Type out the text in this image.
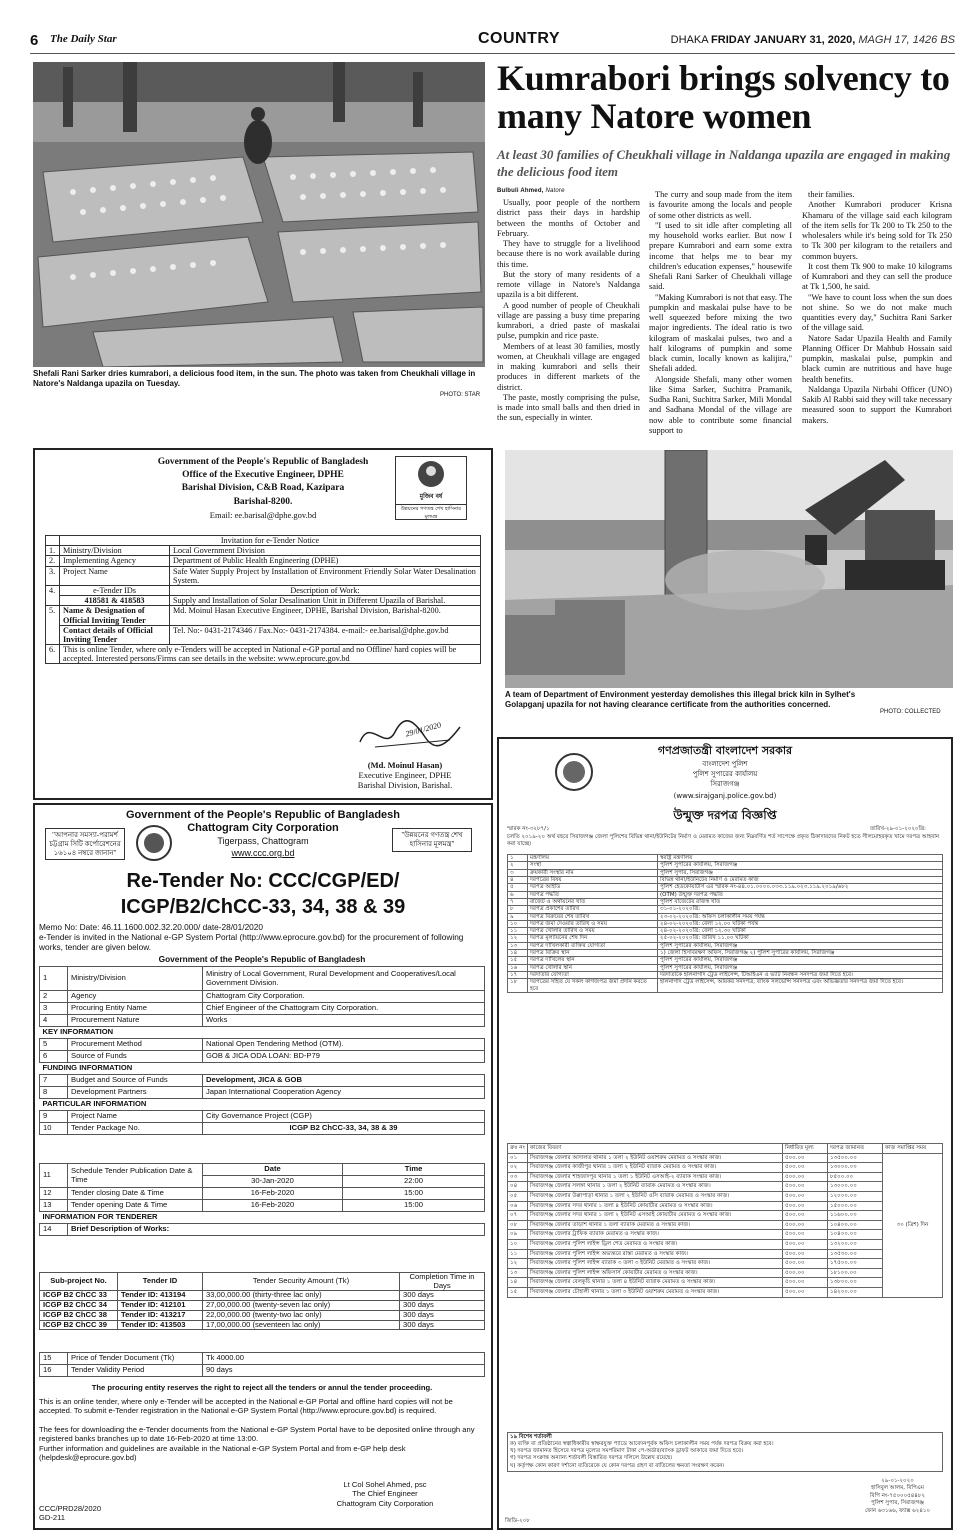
6 The Daily Star	COUNTRY	DHAKA FRIDAY JANUARY 31, 2020, MAGH 17, 1426 BS
Shefali Rani Sarker dries kumrabori, a delicious food item, in the sun. The photo was taken from Cheukhali village in Natore's Naldanga upazila on Tuesday.
PHOTO: STAR
Kumrabori brings solvency to many Natore women
At least 30 families of Cheukhali village in Naldanga upazila are engaged in making the delicious food item
Bulbuli Ahmed, Natore

Usually, poor people of the northern district pass their days in hardship between the months of October and February.

They have to struggle for a livelihood because there is no work available during this time.

But the story of many residents of a remote village in Natore's Naldanga upazila is a bit different.

A good number of people of Cheukhali village are passing a busy time preparing kumrabori, a dried paste of maskalai pulse, pumpkin and rice paste.

Members of at least 30 families, mostly women, at Cheukhali village are engaged in making kumrabori and sells their produces in different markets of the district.

The paste, mostly comprising the pulse, is made into small balls and then dried in the sun, especially in winter.

The curry and soup made from the item is favourite among the locals and people of some other districts as well.

"I used to sit idle after completing all my household works earlier. But now I prepare Kumrabori and earn some extra income that helps me to bear my children's education expenses," housewife Shefali Rani Sarker of Cheukhali village said.

"Making Kumrabori is not that easy. The pumpkin and maskalai pulse have to be well squeezed before mixing the two major ingredients. The ideal ratio is two kilogram of maskalai pulses, two and a half kilograms of pumpkin and some black cumin, locally known as kalijira," Shefali added.

Alongside Shefali, many other women like Sima Sarker, Suchitra Pramanik, Sudha Rani, Suchitra Sarker, Mili Mondal and Sadhana Mondal of the village are now able to contribute some financial support to

their families.

Another Kumrabori producer Krisna Khamaru of the village said each kilogram of the item sells for Tk 200 to Tk 250 to the wholesalers while it's being sold for Tk 250 to Tk 300 per kilogram to the retailers and common buyers.

It cost them Tk 900 to make 10 kilograms of Kumrabori and they can sell the produce at Tk 1,500, he said.

"We have to count loss when the sun does not shine. So we do not make much quantities every day," Suchitra Rani Sarker of the village said.

Natore Sadar Upazila Health and Family Planning Officer Dr Mahbub Hossain said pumpkin, maskalai pulse, pumpkin and black cumin are nutritious and have huge health benefits.

Naldanga Upazila Nirbahi Officer (UNO) Sakib Al Rabbi said they will take necessary measured soon to support the Kumrabori makers.

A team of Department of Environment yesterday demolishes this illegal brick kiln in Sylhet's Golapganj upazila for not having clearance certificate from the authorities concerned.
PHOTO: COLLECTED
Government of the People's Republic of Bangladesh
Office of the Executive Engineer, DPHE
Barishal Division, C&B Road, Kazipara
Barishal-8200.
Email: ee.barisal@dphe.gov.bd
মুজিব বর্ষ
উন্নয়নের গণতন্ত্র শেখ হাসিনার মূলমন্ত্র
	Invitation for e-Tender Notice	
1.	Ministry/Division	Local Government Division
2.	Implementing Agency	Department of Public Health Engineering (DPHE)
3.	Project Name	Safe Water Supply Project by Installation of Environment Friendly Solar Water Desalination System.
4.	e-Tender IDs	Description of Work:
	418581 & 418583	Supply and Installation of Solar Desalination Unit in Different Upazila of Barishal.
5.	Name & Designation of Official Inviting Tender	Md. Moinul Hasan Executive Engineer, DPHE, Barishal Division, Barishal-8200.
	Contact details of Official Inviting Tender	Tel. No:- 0431-2174346 / Fax.No:- 0431-2174384. e-mail:- ee.barisal@dphe.gov.bd
6.	This is online Tender, where only e-Tenders will be accepted in National e-GP portal and no Offline/ hard copies will be accepted. Interested persons/Firms can see details in the website: www.eprocure.gov.bd	
29/01/2020
(Md. Moinul Hasan)
Executive Engineer, DPHE
Barishal Division, Barishal.
Government of the People's Republic of Bangladesh
Chattogram City Corporation
Tigerpass, Chattogram
www.ccc.org.bd
"আপনার সমস্যা-পরামর্শ চট্টগ্রাম সিটি কর্পোরেশনের ১৬১০৪ নম্বরে জানান"
"উন্নয়নের গণতন্ত্র শেখ হাসিনার মূলমন্ত্র"
Re-Tender No: CCC/CGP/ED/
ICGP/B2/ChCC-33, 34, 38 & 39
Memo No: Date: 46.11.1600.002.32.20.000/ date-28/01/2020
e-Tender is invited in the National e-GP System Portal (http://www.eprocure.gov.bd) for the procurement of following works, tender are given below.
Government of the People's Republic of Bangladesh
1	Ministry/Division	Ministry of Local Government, Rural Development and Cooperatives/Local Government Division.
2	Agency	Chattogram City Corporation.
3	Procuring Entity Name	Chief Engineer of the Chattogram City Corporation.
4	Procurement Nature	Works
KEY INFORMATION		
5	Procurement Method	National Open Tendering Method (OTM).
6	Source of Funds	GOB & JICA ODA LOAN: BD-P79
FUNDING INFORMATION		
7	Budget and Source of Funds	Development, JICA & GOB
8	Development Partners	Japan International Cooperation Agency
PARTICULAR INFORMATION		
9	Project Name	City Governance Project (CGP)
10	Tender Package No.	ICGP B2 ChCC-33, 34, 38 & 39
11	Schedule Tender Publication Date & Time	Date	Time
		30-Jan-2020	22:00
12	Tender closing Date & Time	16-Feb-2020	15:00
13	Tender opening Date & Time	16-Feb-2020	15:00
INFORMATION FOR TENDERER			
14	Brief Description of Works:		
Sub-project No.	Tender ID	Tender Security Amount (Tk)	Completion Time in Days
ICGP B2 ChCC 33	Tender ID: 413194	33,00,000.00 (thirty-three lac only)	300 days
ICGP B2 ChCC 34	Tender ID: 412101	27,00,000.00 (twenty-seven lac only)	300 days
ICGP B2 ChCC 38	Tender ID: 413217	22,00,000.00 (twenty-two lac only)	300 days
ICGP B2 ChCC 39	Tender ID: 413503	17,00,000.00 (seventeen lac only)	300 days
15	Price of Tender Document (Tk)	Tk 4000.00
16	Tender Validity Period	90 days
The procuring entity reserves the right to reject all the tenders or annul the tender proceeding.
This is an online tender, where only e-Tender will be accepted in the National e-GP Portal and offline hard copies will not be accepted. To submit e-Tender registration in the National e-GP System Portal (http://www.eprocure.gov.bd) is required.
The fees for downloading the e-Tender documents from the National e-GP System Portal have to be deposited online through any registered banks branches up to date 16-Feb-2020 at time 13:00.
Further information and guidelines are available in the National e-GP System Portal and from e-GP help desk (helpdesk@eprocure.gov.bd)
Lt Col Sohel Ahmed, psc
The Chief Engineer
Chattogram City Corporation
CCC/PRD28/2020
GD-211
গণপ্রজাতন্ত্রী বাংলাদেশ সরকার
বাংলাদেশ পুলিশ
পুলিশ সুপারের কার্যালয়
সিরাজগঞ্জ
(www.sirajganj.police.gov.bd)
উন্মুক্ত দরপত্র বিজ্ঞপ্তি
স্মারক নং-৩২৮৭/১	তারিখ-২৯-০১-২০২০খ্রি:
চলতি ২০১৯-২০ অর্থ বছরে সিরাজগঞ্জ জেলা পুলিশের বিভিন্ন থানা/ইউনিটের নির্মাণ ও মেরামত কাজের জন্য নিম্নবর্ণিত শর্ত সাপেক্ষে প্রকৃত ঠিকাদারদের নিকট হতে সীলমোহরকৃত খামে দরপত্র আহবান করা যাচ্ছে।
১	মন্ত্রণালয়	স্বরাষ্ট্র মন্ত্রণালয়
২	সংস্থা	পুলিশ সুপারের কার্যালয়, সিরাজগঞ্জ
৩	ক্রয়কারী সংস্থার নাম	পুলিশ সুপার, সিরাজগঞ্জ
৪	দরপত্রের বিষয়	বিভিন্ন থানা/ইউনিটের নির্মাণ ও মেরামত কাজ
৫	দরপত্র আইডি	পুলিশ হেডকোয়ার্টার্স এর স্মারক নং-৪৪.০১.০০০০.০৩৩.১১৯.০২৩.১১৯.২০১৯/৬৮২
৬	দরপত্র পদ্ধতি	(OTM) উন্মুক্ত দরপত্র পদ্ধতি
৭	বাজেট ও অর্থায়নের খাত	পুলিশ বাজেটের রাজস্ব খাত
৮	দরপত্র প্রকাশের তারিখ	৩১-০১-২০২০খ্রি:
৯	দরপত্র বিক্রয়ের শেষ তারিখ	২৩-০২-২০২০খ্রি: অফিস চলাকালীন সময় পর্যন্ত
১০	দরপত্র জমা দেওয়ার তারিখ ও সময়	২৪-০২-২০২০খ্রি: বেলা ১২.০০ ঘটিকা পর্যন্ত
১১	দরপত্র খোলার তারিখ ও সময়	২৪-০২-২০২০খ্রি: বেলা ১২.৩০ ঘটিকা
১২	দরপত্র মূল্যায়নের শেষ দিন	২৫-০২-২০২০খ্রি: তারিখ ১১.০০ ঘটিকা
১৩	দরপত্র দাখিলকারী ব্যক্তির যোগ্যতা	পুলিশ সুপারের কার্যালয়, সিরাজগঞ্জ
১৪	দরপত্র বিক্রির স্থান	১) জেলা হিসাবরক্ষণ অফিস, সিরাজগঞ্জ ২) পুলিশ সুপারের কার্যালয়, সিরাজগঞ্জ
১৫	দরপত্র দাখিলের স্থান	পুলিশ সুপারের কার্যালয়, সিরাজগঞ্জ
১৬	দরপত্র খোলার স্থান	পুলিশ সুপারের কার্যালয়, সিরাজগঞ্জ
১৭	দরদাতার যোগ্যতা	দরদাতাকে হালনাগাদ ট্রেড লাইসেন্স, টিআইএন ও ভ্যাট নিবন্ধন সনদপত্র জমা দিতে হবে।
১৮	দরপত্রের সহিত যে সকল কাগজপত্র জমা প্রদান করতে হবে	হালনাগাদ ট্রেড লাইসেন্স, আয়কর সনদপত্র, ব্যাংক সলভেন্সি সনদপত্র এবং অভিজ্ঞতার সনদপত্র জমা দিতে হবে।
ক্রঃ নং	কাজের বিবরণ	নির্ধারিত মূল্য	দরপত্র জামানত	কাজ সমাপ্তির সময়
০১	সিরাজগঞ্জ জেলার আদালত থানার ১ তলা ২ ইউনিট ওয়াশরুম মেরামত ও সংস্কার কাজ।	৫০০.০০	১৩৫০০.০০	৩০ (ত্রিশ) দিন
০২	সিরাজগঞ্জ জেলার কাজীপুর থানার ১ তলা ২ ইউনিট ব্যারাক মেরামত ও সংস্কার কাজ।	৫০০.০০	১৩০০০.০০	
০৩	সিরাজগঞ্জ জেলার শাহজাদপুর থানার ১ তলা ১ ইউনিট এসআই-২ ব্যারাক সংস্কার কাজ।	৫০০.০০	৮৫০০.০০	
০৪	সিরাজগঞ্জ জেলার সলঙ্গা থানার ১ তলা ২ ইউনিট ব্যারাক মেরামত ও সংস্কার কাজ।	৫০০.০০	১৩০০০.০০	
০৫	সিরাজগঞ্জ জেলার উল্লাপাড়া থানার ১ তলা ২ ইউনিট ওসি ব্যারাক মেরামত ও সংস্কার কাজ।	৫০০.০০	১২০০০.০০	
০৬	সিরাজগঞ্জ জেলার সদর থানার ১ তলা ৪ ইউনিট কোয়ার্টার মেরামত ও সংস্কার কাজ।	৫০০.০০	১৫০০০.০০	
০৭	সিরাজগঞ্জ জেলার সদর থানার ১ তলা ২ ইউনিট এসআই কোয়ার্টার মেরামত ও সংস্কার কাজ।	৫০০.০০	১১৬০০.০০	
০৮	সিরাজগঞ্জ জেলার তাড়াশ থানার ১ তলা ব্যারাক মেরামত ও সংস্কার কাজ।	৫০০.০০	১০৪০০.০০	
০৯	সিরাজগঞ্জ জেলার ট্রাফিক ব্যারাক মেরামত ও সংস্কার কাজ।	৫০০.০০	১০৪০০.০০	
১০	সিরাজগঞ্জ জেলার পুলিশ লাইন্স ড্রিল শেড মেরামত ও সংস্কার কাজ।	৫০০.০০	১৩২০০.০০	
১১	সিরাজগঞ্জ জেলার পুলিশ লাইন্স অভ্যন্তরে রাস্তা মেরামত ও সংস্কার কাজ।	৫০০.০০	১৩৫৩০.০০	
১২	সিরাজগঞ্জ জেলার পুলিশ লাইন্স ব্যারাক ৩ তলা ৩ ইউনিট মেরামত ও সংস্কার কাজ।	৫০০.০০	১৭৫০০.০০	
১৩	সিরাজগঞ্জ জেলার পুলিশ লাইন্স অফিসার্স কোয়ার্টার মেরামত ও সংস্কার কাজ।	৫০০.০০	১৮১০০.০০	
১৪	সিরাজগঞ্জ জেলার বেলকুচি থানার ১ তলা ৪ ইউনিট ব্যারাক মেরামত ও সংস্কার কাজ।	৫০০.০০	১৩৮০০.০০	
১৫	সিরাজগঞ্জ জেলার চৌহালী থানার ১ তলা ৩ ইউনিট ওয়াশরুম মেরামত ও সংস্কার কাজ।	৫০০.০০	১৪২০০.০০	
১৯ বিশেষ শর্তাবলী
ক) ব্যক্তি বা প্রতিষ্ঠানের স্বত্বাধিকারীর স্বাক্ষরযুক্ত প্যাডে আবেদনপূর্বক অফিস চলাকালীন সময় পর্যন্ত দরপত্র বিক্রয় করা হবে।
খ) দরপত্র জামানত হিসেবে দরপত্র মূল্যের সমপরিমাণ টাকা পে-অর্ডার/ব্যাংক ড্রাফট আকারে জমা দিতে হবে।
গ) দরপত্র সংক্রান্ত অন্যান্য শর্তাবলী বিস্তারিত দরপত্র দলিলে উল্লেখ রয়েছে।
ঘ) কর্তৃপক্ষ কোন কারণ দর্শানো ব্যতিরেকে যে কোন দরপত্র গ্রহণ বা বাতিলের ক্ষমতা সংরক্ষণ করেন।
২৯-০১-২০২০
হাসিবুল আলম, বিপিএম
বিপি নং-৭৫০০০৫৪৪৮২
পুলিশ সুপার, সিরাজগঞ্জ
ফোন ৬৩১৬৬, ফ্যাক্স ৬২৪১০
জিডি-২০৮
